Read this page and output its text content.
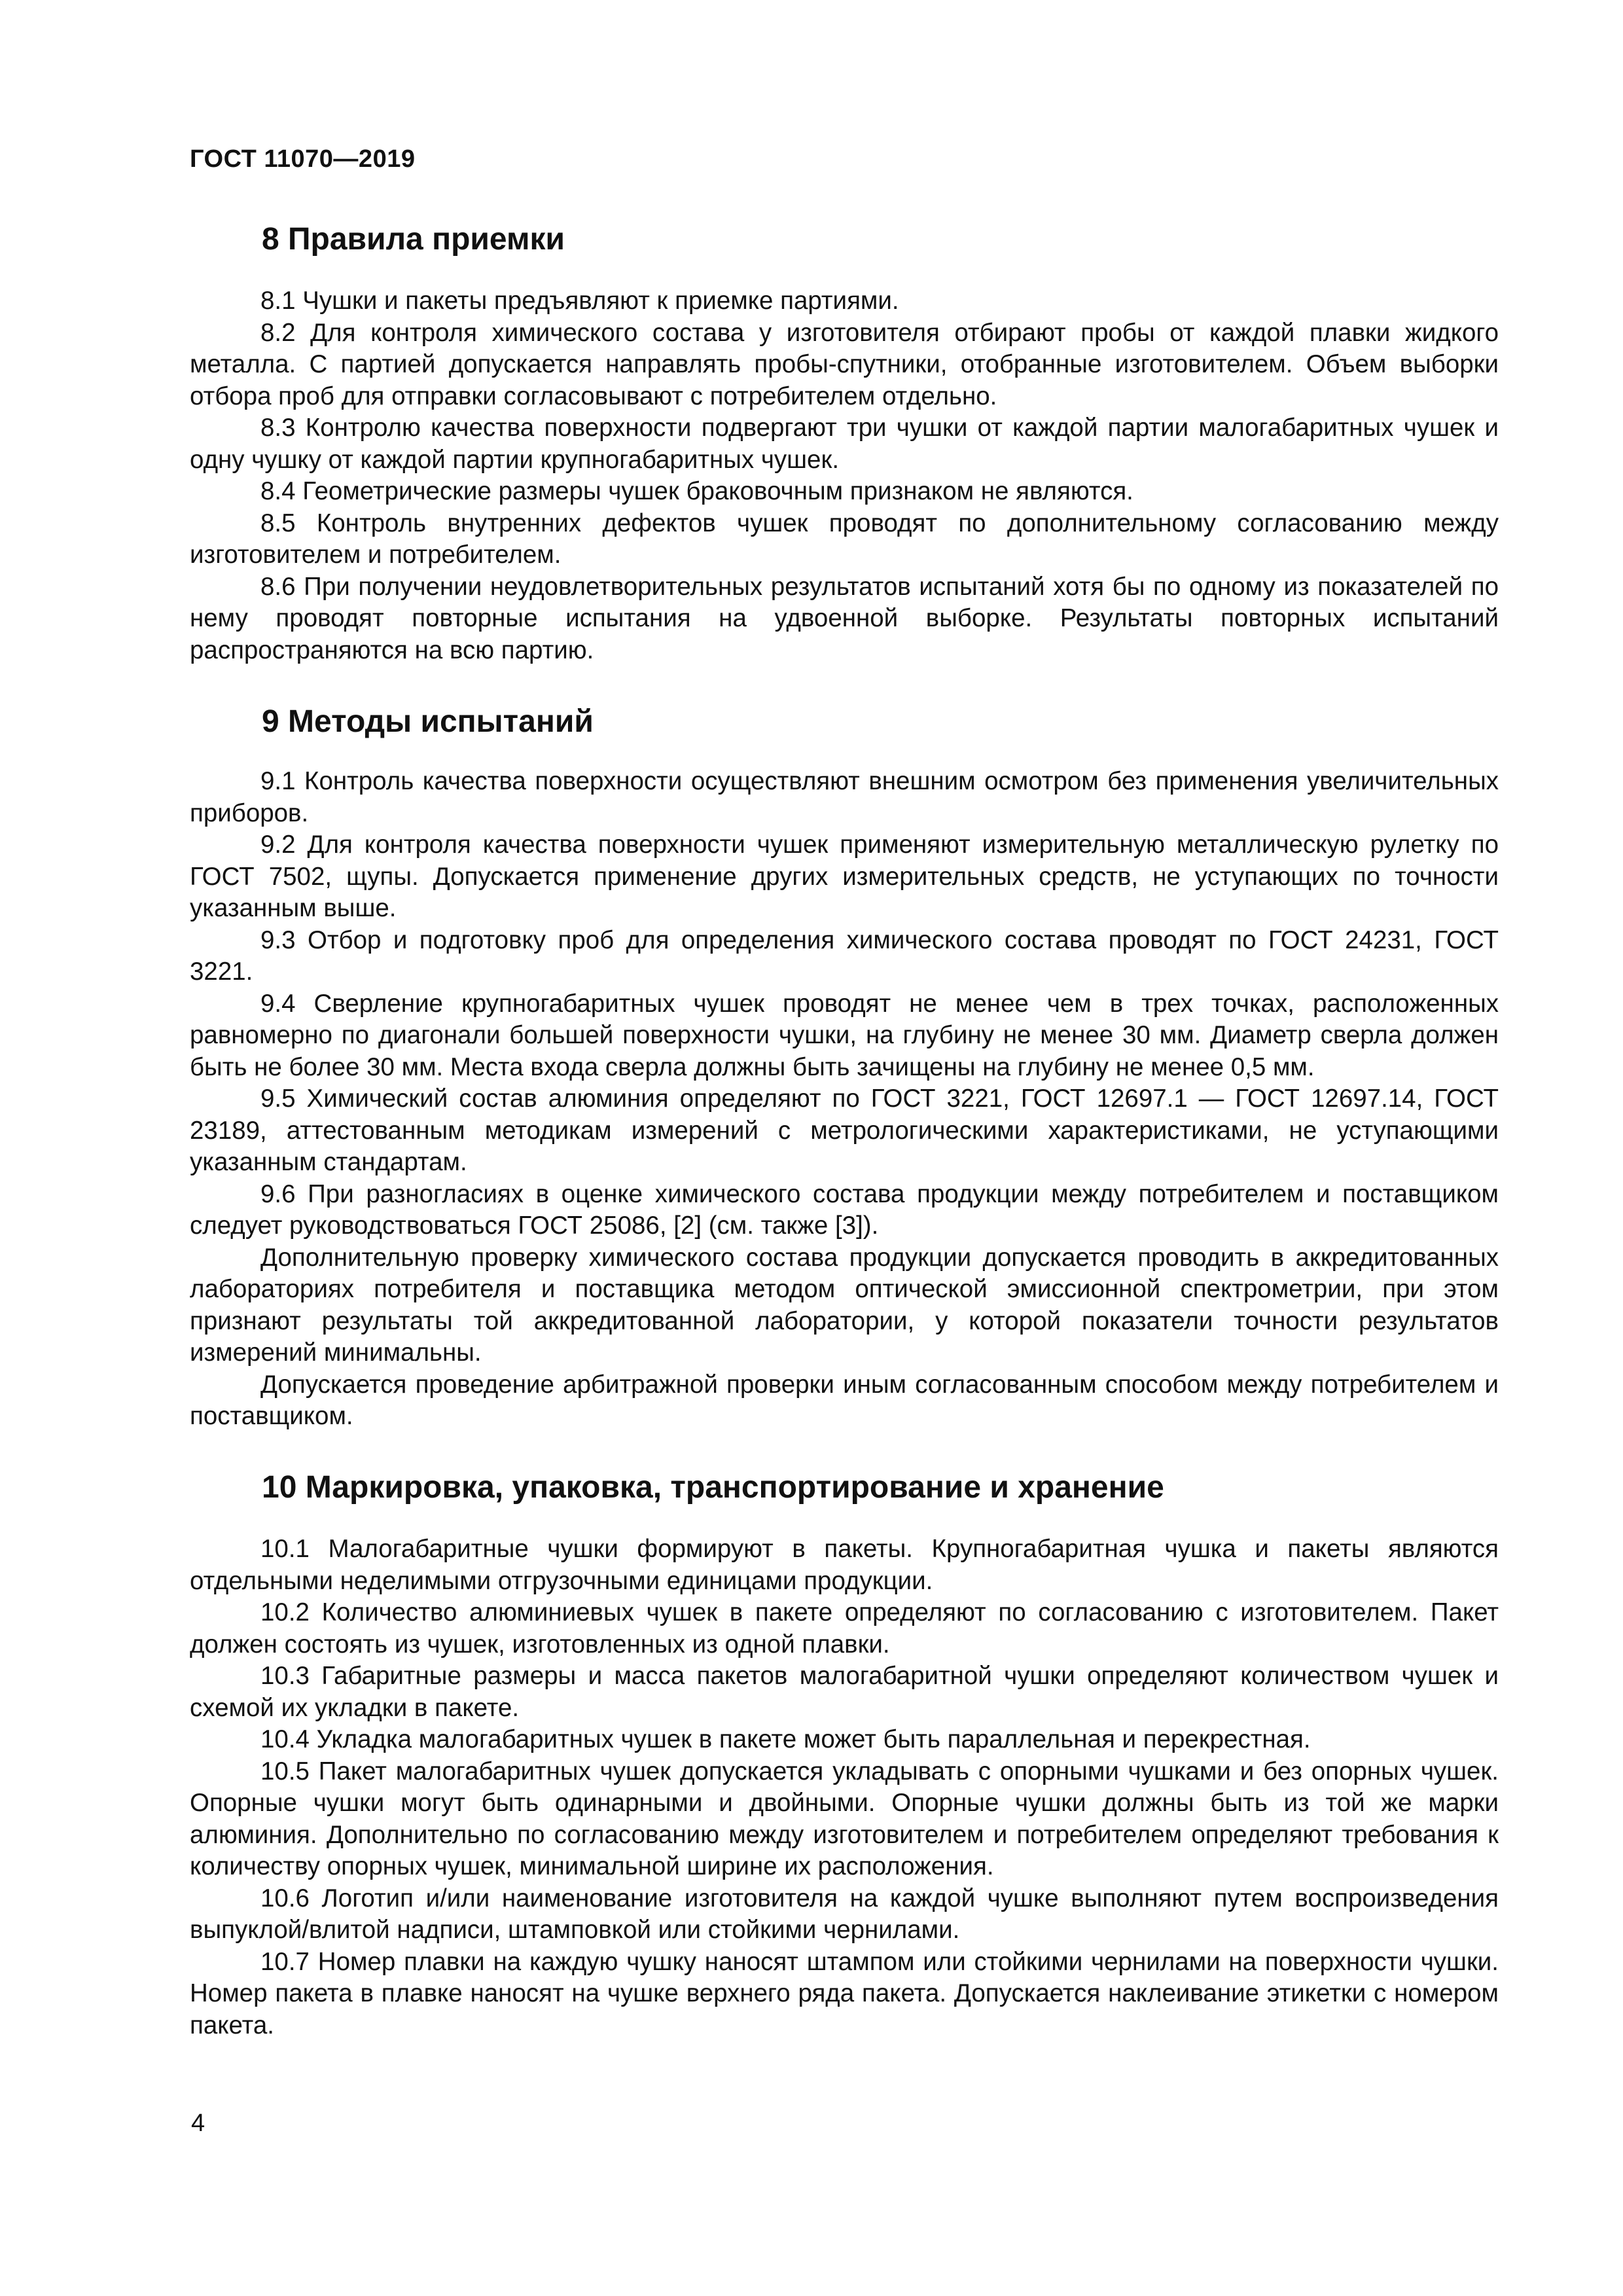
ГОСТ 11070—2019
8 Правила приемки

8.1 Чушки и пакеты предъявляют к приемке партиями.

8.2 Для контроля химического состава у изготовителя отбирают пробы от каждой плавки жидкого металла. С партией допускается направлять пробы-спутники, отобранные изготовителем. Объем выборки отбора проб для отправки согласовывают с потребителем отдельно.

8.3 Контролю качества поверхности подвергают три чушки от каждой партии малогабаритных чушек и одну чушку от каждой партии крупногабаритных чушек.

8.4 Геометрические размеры чушек браковочным признаком не являются.

8.5 Контроль внутренних дефектов чушек проводят по дополнительному согласованию между изготовителем и потребителем.

8.6 При получении неудовлетворительных результатов испытаний хотя бы по одному из показателей по нему проводят повторные испытания на удвоенной выборке. Результаты повторных испытаний распространяются на всю партию.

9 Методы испытаний

9.1 Контроль качества поверхности осуществляют внешним осмотром без применения увеличительных приборов.

9.2 Для контроля качества поверхности чушек применяют измерительную металлическую рулетку по ГОСТ 7502, щупы. Допускается применение других измерительных средств, не уступающих по точности указанным выше.

9.3 Отбор и подготовку проб для определения химического состава проводят по ГОСТ 24231, ГОСТ 3221.

9.4 Сверление крупногабаритных чушек проводят не менее чем в трех точках, расположенных равномерно по диагонали большей поверхности чушки, на глубину не менее 30 мм. Диаметр сверла должен быть не более 30 мм. Места входа сверла должны быть зачищены на глубину не менее 0,5 мм.

9.5 Химический состав алюминия определяют по ГОСТ 3221, ГОСТ 12697.1 — ГОСТ 12697.14, ГОСТ 23189, аттестованным методикам измерений с метрологическими характеристиками, не уступающими указанным стандартам.

9.6 При разногласиях в оценке химического состава продукции между потребителем и поставщиком следует руководствоваться ГОСТ 25086, [2] (см. также [3]).

Дополнительную проверку химического состава продукции допускается проводить в аккредитованных лабораториях потребителя и поставщика методом оптической эмиссионной спектрометрии, при этом признают результаты той аккредитованной лаборатории, у которой показатели точности результатов измерений минимальны.

Допускается проведение арбитражной проверки иным согласованным способом между потребителем и поставщиком.

10 Маркировка, упаковка, транспортирование и хранение

10.1 Малогабаритные чушки формируют в пакеты. Крупногабаритная чушка и пакеты являются отдельными неделимыми отгрузочными единицами продукции.

10.2 Количество алюминиевых чушек в пакете определяют по согласованию с изготовителем. Пакет должен состоять из чушек, изготовленных из одной плавки.

10.3 Габаритные размеры и масса пакетов малогабаритной чушки определяют количеством чушек и схемой их укладки в пакете.

10.4 Укладка малогабаритных чушек в пакете может быть параллельная и перекрестная.

10.5 Пакет малогабаритных чушек допускается укладывать с опорными чушками и без опорных чушек. Опорные чушки могут быть одинарными и двойными. Опорные чушки должны быть из той же марки алюминия. Дополнительно по согласованию между изготовителем и потребителем определяют требования к количеству опорных чушек, минимальной ширине их расположения.

10.6 Логотип и/или наименование изготовителя на каждой чушке выполняют путем воспроизведения выпуклой/влитой надписи, штамповкой или стойкими чернилами.

10.7 Номер плавки на каждую чушку наносят штампом или стойкими чернилами на поверхности чушки. Номер пакета в плавке наносят на чушке верхнего ряда пакета. Допускается наклеивание этикетки с номером пакета.

4
